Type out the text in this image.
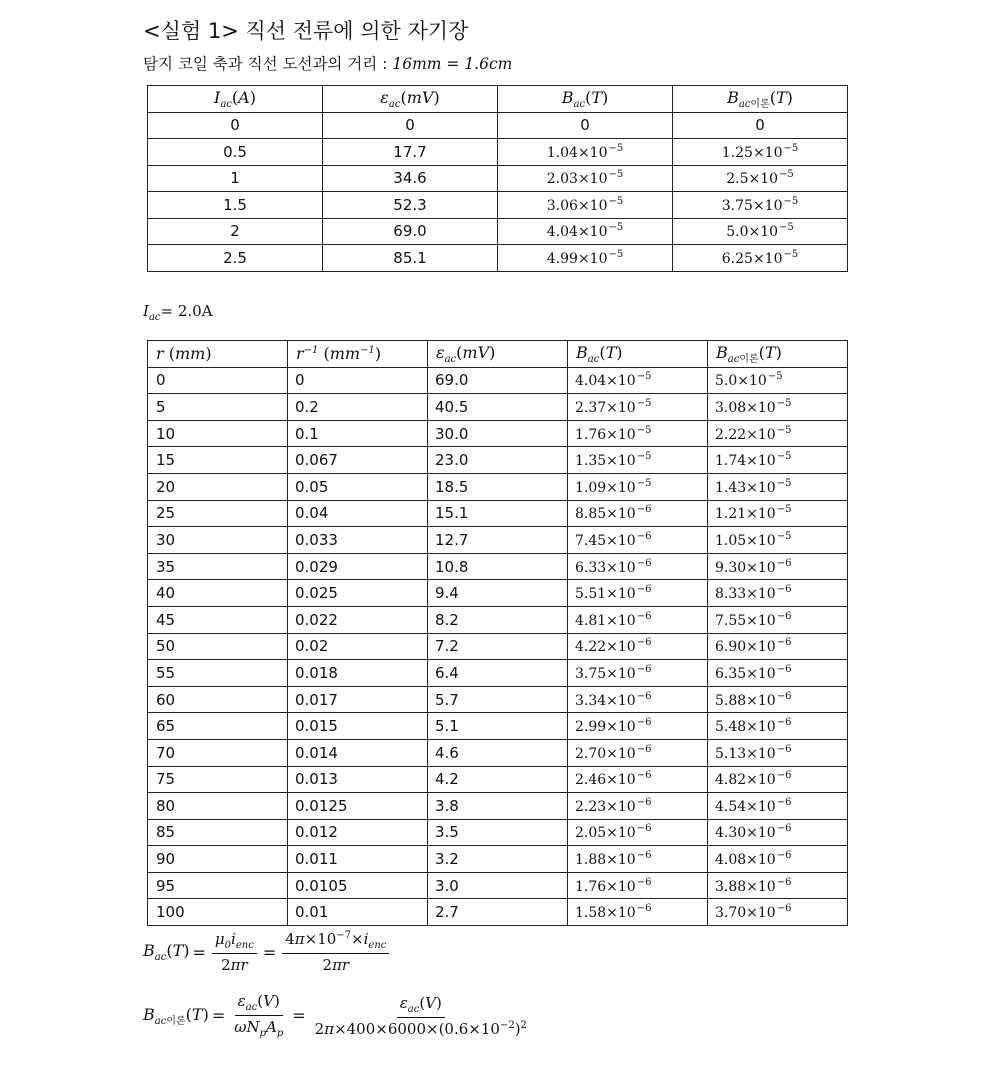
<실험 1> 직선 전류에 의한 자기장
탐지 코일 축과 직선 도선과의 거리 : 16mm = 1.6cm
$I_{ac}(A)$	$\varepsilon_{ac}(mV)$	$B_{ac}(T)$	$B_{ac이론}(T)$
0	0	0	0
0.5	17.7	$1.04\times 10^{-5}$	$1.25\times 10^{-5}$
1	34.6	$2.03\times 10^{-5}$	$2.5\times 10^{-5}$
1.5	52.3	$3.06\times 10^{-5}$	$3.75\times 10^{-5}$
2	69.0	$4.04\times 10^{-5}$	$5.0\times 10^{-5}$
2.5	85.1	$4.99\times 10^{-5}$	$6.25\times 10^{-5}$
$I_{ac}= 2.0A$
r (mm)	$r^{-1}$ $(mm^{-1})$	$\varepsilon_{ac}(mV)$	$B_{ac}(T)$	$B_{ac이론}(T)$
0	0	69.0	$4.04\times 10^{-5}$	$5.0\times 10^{-5}$
5	0.2	40.5	$2.37\times 10^{-5}$	$3.08\times 10^{-5}$
10	0.1	30.0	$1.76\times 10^{-5}$	$2.22\times 10^{-5}$
15	0.067	23.0	$1.35\times 10^{-5}$	$1.74\times 10^{-5}$
20	0.05	18.5	$1.09\times 10^{-5}$	$1.43\times 10^{-5}$
25	0.04	15.1	$8.85\times 10^{-6}$	$1.21\times 10^{-5}$
30	0.033	12.7	$7.45\times 10^{-6}$	$1.05\times 10^{-5}$
35	0.029	10.8	$6.33\times 10^{-6}$	$9.30\times 10^{-6}$
40	0.025	9.4	$5.51\times 10^{-6}$	$8.33\times 10^{-6}$
45	0.022	8.2	$4.81\times 10^{-6}$	$7.55\times 10^{-6}$
50	0.02	7.2	$4.22\times 10^{-6}$	$6.90\times 10^{-6}$
55	0.018	6.4	$3.75\times 10^{-6}$	$6.35\times 10^{-6}$
60	0.017	5.7	$3.34\times 10^{-6}$	$5.88\times 10^{-6}$
65	0.015	5.1	$2.99\times 10^{-6}$	$5.48\times 10^{-6}$
70	0.014	4.6	$2.70\times 10^{-6}$	$5.13\times 10^{-6}$
75	0.013	4.2	$2.46\times 10^{-6}$	$4.82\times 10^{-6}$
80	0.0125	3.8	$2.23\times 10^{-6}$	$4.54\times 10^{-6}$
85	0.012	3.5	$2.05\times 10^{-6}$	$4.30\times 10^{-6}$
90	0.011	3.2	$1.88\times 10^{-6}$	$4.08\times 10^{-6}$
95	0.0105	3.0	$1.76\times 10^{-6}$	$3.88\times 10^{-6}$
100	0.01	2.7	$1.58\times 10^{-6}$	$3.70\times 10^{-6}$
$B_{ac}(T) = \frac{\mu_0i_{enc}}{2\pi r} = \frac{4\pi\times 10^{-7}\times i_{enc}}{2\pi r}$
$B_{ac이론}(T) = \frac{\varepsilon_{ac}(V)}{\omega N_pA_p} = \frac{\varepsilon_{ac}(V)}{2\pi\times 400\times 6000\times(0.6\times 10^{-2})^2}$
